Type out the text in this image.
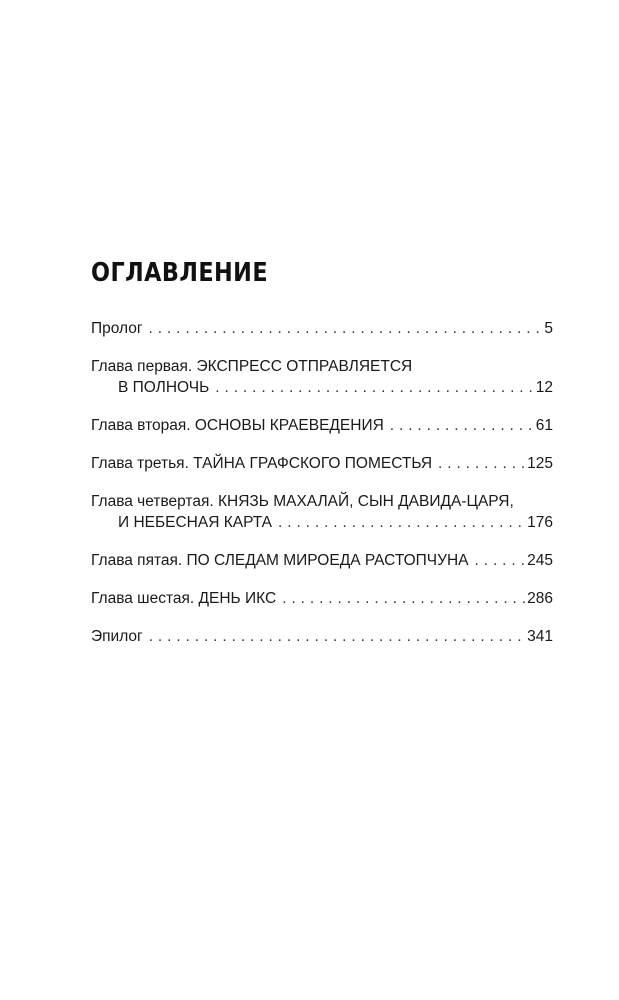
ОГЛАВЛЕНИЕ
Пролог . . .	5
Глава первая. ЭКСПРЕСС ОТПРАВЛЯЕТСЯ
В ПОЛНОЧЬ . . .	12
Глава вторая. ОСНОВЫ КРАЕВЕДЕНИЯ . . .	61
Глава третья. ТАЙНА ГРАФСКОГО ПОМЕСТЬЯ . . .	125
Глава четвертая. КНЯЗЬ МАХАЛАЙ, СЫН ДАВИДА-ЦАРЯ,
И НЕБЕСНАЯ КАРТА . . .	176
Глава пятая. ПО СЛЕДАМ МИРОЕДА РАСТОПЧУНА . . .	245
Глава шестая. ДЕНЬ ИКС . . .	286
Эпилог . . .	341
